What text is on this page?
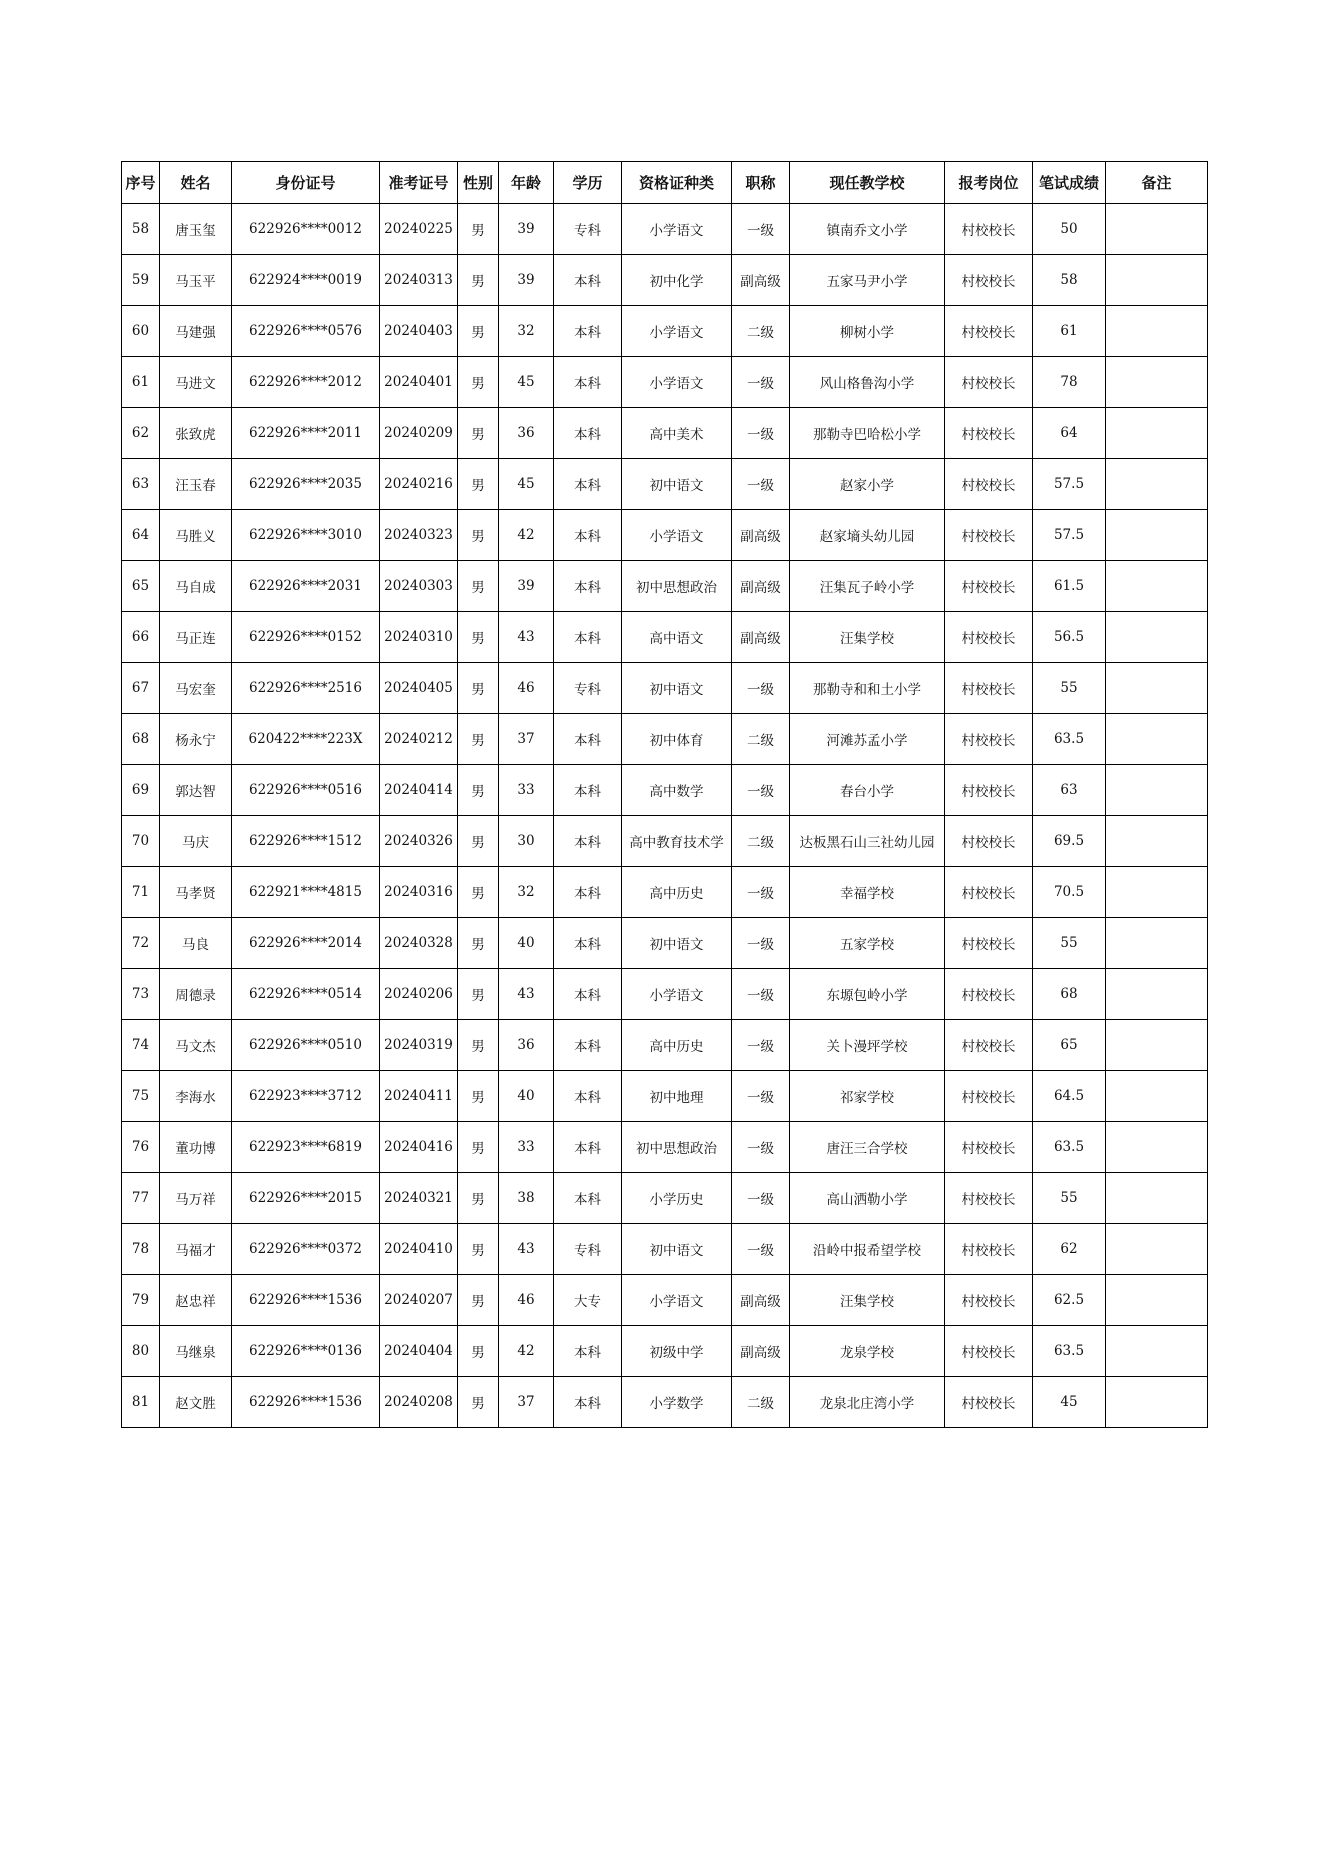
序号	姓名	身份证号	准考证号	性别	年龄	学历	资格证种类	职称	现任教学校	报考岗位	笔试成绩	备注
58	唐玉玺	622926****0012	20240225	男	39	专科	小学语文	一级	镇南乔文小学	村校校长	50	
59	马玉平	622924****0019	20240313	男	39	本科	初中化学	副高级	五家马尹小学	村校校长	58	
60	马建强	622926****0576	20240403	男	32	本科	小学语文	二级	柳树小学	村校校长	61	
61	马进文	622926****2012	20240401	男	45	本科	小学语文	一级	风山格鲁沟小学	村校校长	78	
62	张致虎	622926****2011	20240209	男	36	本科	高中美术	一级	那勒寺巴哈松小学	村校校长	64	
63	汪玉春	622926****2035	20240216	男	45	本科	初中语文	一级	赵家小学	村校校长	57.5	
64	马胜义	622926****3010	20240323	男	42	本科	小学语文	副高级	赵家墒头幼儿园	村校校长	57.5	
65	马自成	622926****2031	20240303	男	39	本科	初中思想政治	副高级	汪集瓦子岭小学	村校校长	61.5	
66	马正连	622926****0152	20240310	男	43	本科	高中语文	副高级	汪集学校	村校校长	56.5	
67	马宏奎	622926****2516	20240405	男	46	专科	初中语文	一级	那勒寺和和土小学	村校校长	55	
68	杨永宁	620422****223X	20240212	男	37	本科	初中体育	二级	河滩苏孟小学	村校校长	63.5	
69	郭达智	622926****0516	20240414	男	33	本科	高中数学	一级	春台小学	村校校长	63	
70	马庆	622926****1512	20240326	男	30	本科	高中教育技术学	二级	达板黑石山三社幼儿园	村校校长	69.5	
71	马孝贤	622921****4815	20240316	男	32	本科	高中历史	一级	幸福学校	村校校长	70.5	
72	马良	622926****2014	20240328	男	40	本科	初中语文	一级	五家学校	村校校长	55	
73	周德录	622926****0514	20240206	男	43	本科	小学语文	一级	东塬包岭小学	村校校长	68	
74	马文杰	622926****0510	20240319	男	36	本科	高中历史	一级	关卜漫坪学校	村校校长	65	
75	李海水	622923****3712	20240411	男	40	本科	初中地理	一级	祁家学校	村校校长	64.5	
76	董功博	622923****6819	20240416	男	33	本科	初中思想政治	一级	唐汪三合学校	村校校长	63.5	
77	马万祥	622926****2015	20240321	男	38	本科	小学历史	一级	高山洒勒小学	村校校长	55	
78	马福才	622926****0372	20240410	男	43	专科	初中语文	一级	沿岭中报希望学校	村校校长	62	
79	赵忠祥	622926****1536	20240207	男	46	大专	小学语文	副高级	汪集学校	村校校长	62.5	
80	马继泉	622926****0136	20240404	男	42	本科	初级中学	副高级	龙泉学校	村校校长	63.5	
81	赵文胜	622926****1536	20240208	男	37	本科	小学数学	二级	龙泉北庄湾小学	村校校长	45	
